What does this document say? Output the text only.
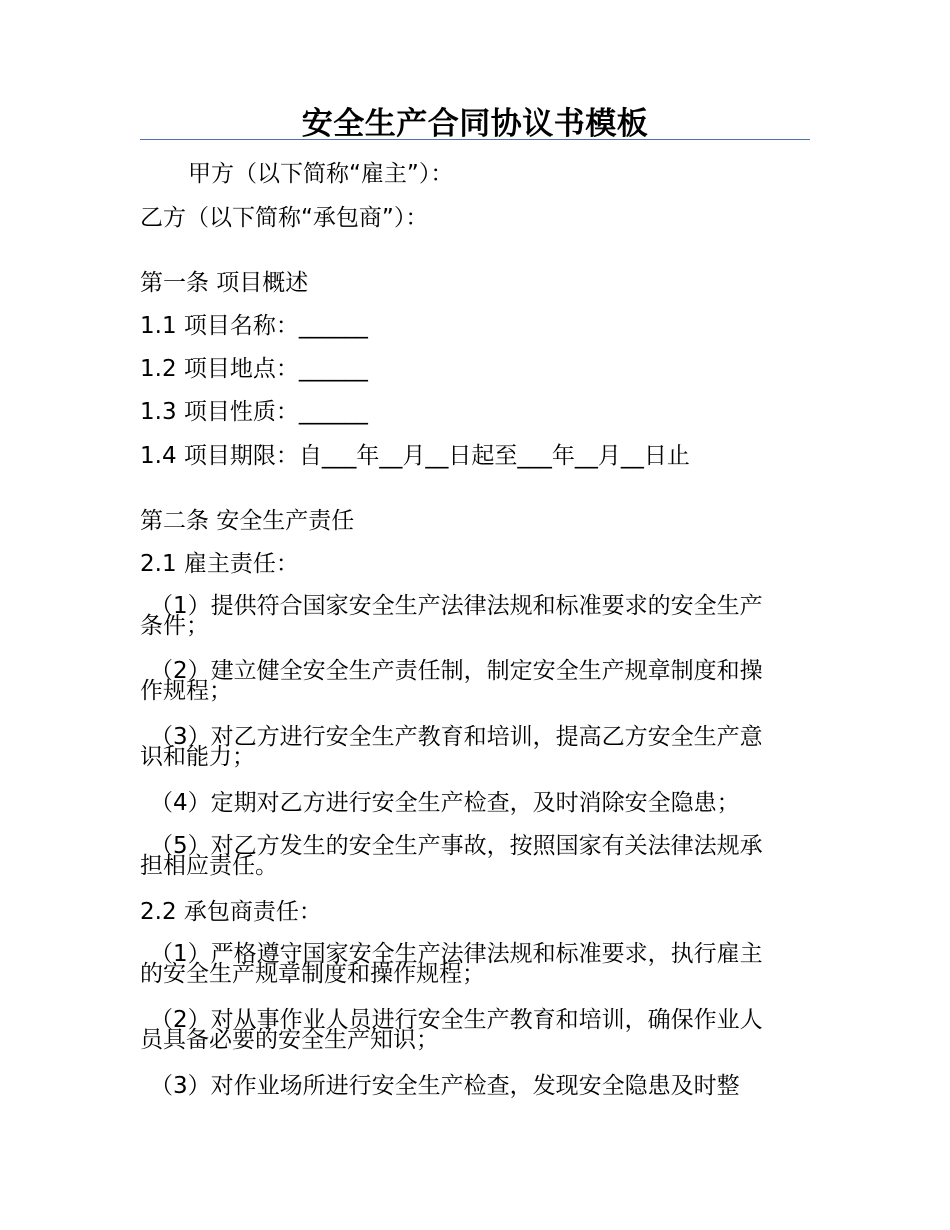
安全生产合同协议书模板
甲方（以下简称“雇主”）：
乙方（以下简称“承包商”）：
第一条 项目概述
1.1 项目名称：______
1.2 项目地点：______
1.3 项目性质：______
1.4 项目期限：自___年__月__日起至___年__月__日止
第二条 安全生产责任
2.1 雇主责任：
（1）提供符合国家安全生产法律法规和标准要求的安全生产
条件；
（2）建立健全安全生产责任制，制定安全生产规章制度和操
作规程；
（3）对乙方进行安全生产教育和培训，提高乙方安全生产意
识和能力；
（4）定期对乙方进行安全生产检查，及时消除安全隐患；
（5）对乙方发生的安全生产事故，按照国家有关法律法规承
担相应责任。
2.2 承包商责任：
（1）严格遵守国家安全生产法律法规和标准要求，执行雇主
的安全生产规章制度和操作规程；
（2）对从事作业人员进行安全生产教育和培训，确保作业人
员具备必要的安全生产知识；
（3）对作业场所进行安全生产检查，发现安全隐患及时整
